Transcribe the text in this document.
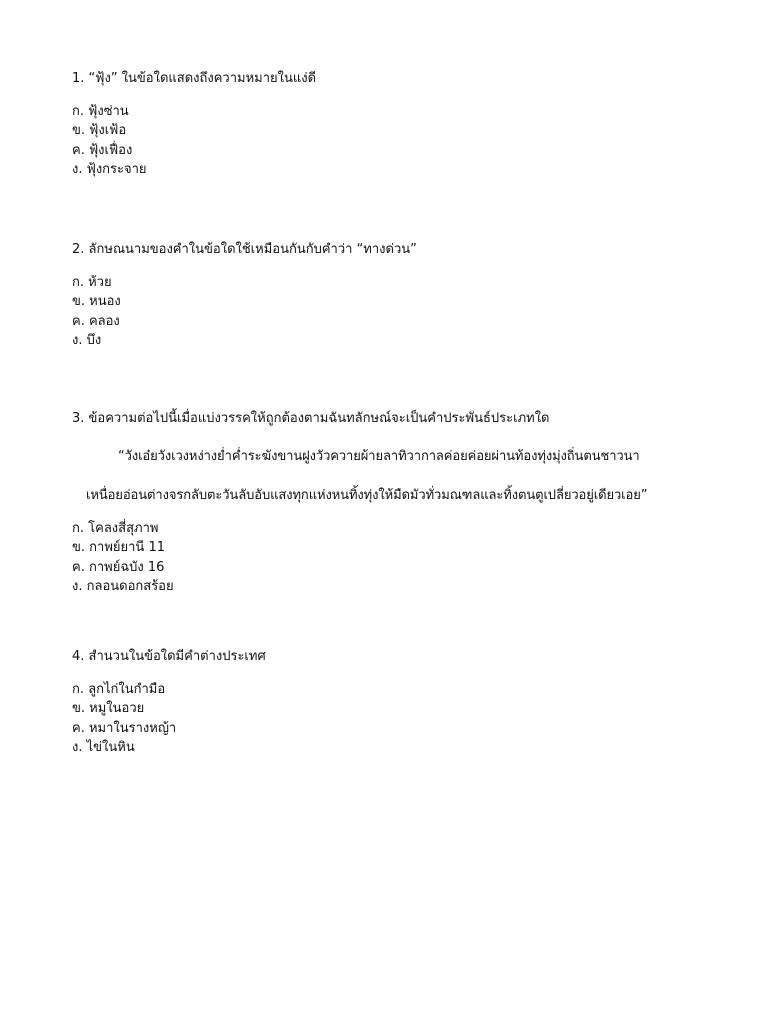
1. “ฟุ้ง” ในข้อใดแสดงถึงความหมายในแง่ดี

ก. ฟุ้งซ่าน

ข. ฟุ้งเฟ้อ

ค. ฟุ้งเฟื่อง

ง. ฟุ้งกระจาย

2. ลักษณนามของคำในข้อใดใช้เหมือนกันกับคำว่า “ทางด่วน”

ก. ห้วย

ข. หนอง

ค. คลอง

ง. บึง

3. ข้อความต่อไปนี้เมื่อแบ่งวรรคให้ถูกต้องตามฉันทลักษณ์จะเป็นคำประพันธ์ประเภทใด

“วังเอ๋ยวังเวงหง่างย่ำค่ำระฆังขานฝูงวัวควายผ้ายลาทิวากาลค่อยค่อยผ่านท้องทุ่งมุ่งถิ่นตนชาวนา

เหนื่อยอ่อนต่างจรกลับตะวันลับอับแสงทุกแห่งหนทิ้งทุ่งให้มืดมัวทั่วมณฑลและทิ้งตนตูเปลี่ยวอยู่เดียวเอย”

ก. โคลงสี่สุภาพ

ข. กาพย์ยานี 11

ค. กาพย์ฉบัง 16

ง. กลอนดอกสร้อย

4. สำนวนในข้อใดมีคำต่างประเทศ

ก. ลูกไก่ในกำมือ

ข. หมูในอวย

ค. หมาในรางหญ้า

ง. ไข่ในหิน
